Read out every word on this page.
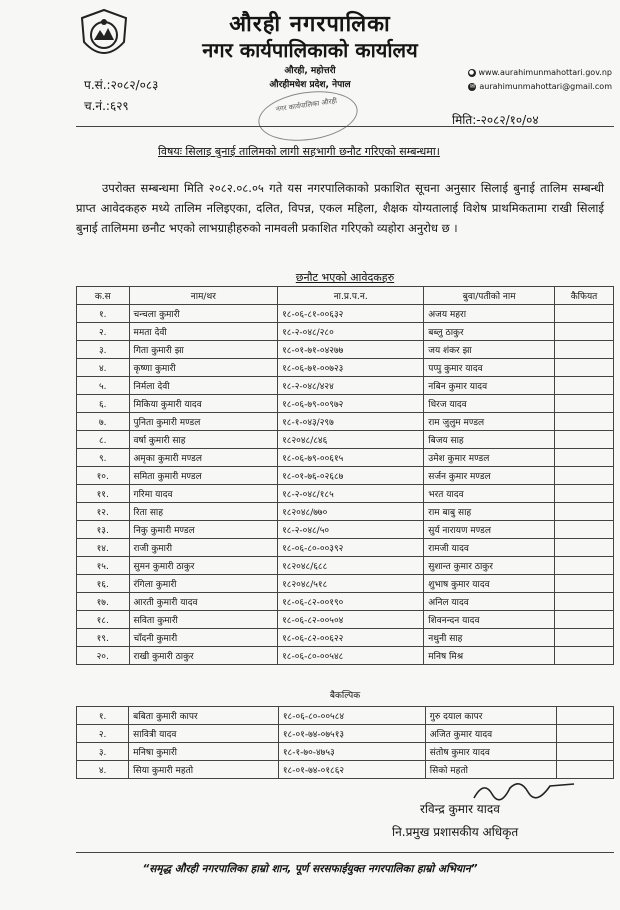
औरही नगरपालिका
नगर कार्यपालिकाको कार्यालय
औरही, महोत्तरी
औरहीमधेश प्रदेश, नेपाल
● www.aurahimunmahottari.gov.np
✉ aurahimunmahottari@gmail.com
प.सं.:२०८२/०८३
च.नं.:६२९	नगर कार्यपालिका औरही
मिति:-२०८२/१०/०४
विषयः सिलाइ बुनाई तालिमको लागी सहभागी छनौट गरिएको सम्बन्धमा।
उपरोक्त सम्बन्धमा मिति २०८२.०८.०५ गते यस नगरपालिकाको प्रकाशित सूचना अनुसार सिलाई बुनाई तालिम सम्बन्धी प्राप्त आवेदकहरु मध्ये तालिम नलिइएका, दलित, विपन्न, एकल महिला, शैक्षक योग्यतालाई विशेष प्राथमिकतामा राखी सिलाई बुनाई तालिममा छनौट भएको लाभग्राहीहरुको नामवली प्रकाशित गरिएको व्यहोरा अनुरोध छ ।
छनौट भएको आवेदकहरु
क.स	नाम/थर	ना.प्र.प.न.	बुवा/पतीको नाम	कैफियत
१.	चन्चला कुमारी	१८-०६-८१-००६३२	अजय महरा	
२.	ममता देवी	१८-२-०४८/२८०	बब्लु ठाकुर	
३.	गिता कुमारी झा	१८-०१-७१-०४२७७	जय शंकर झा	
४.	कृष्णा कुमारी	१८-०६-७१-००७२३	पप्पु कुमार यादव	
५.	निर्मला देवी	१८-२-०४८/४२४	नबिन कुमार यादव	
६.	मिकिया कुमारी यादव	१८-०६-७९-००९७२	धिरज यादव	
७.	पुनिता कुमारी मण्डल	१८-१-०४३/२९७	राम जुलुम मण्डल	
८.	वर्षा कुमारी साह	१८२०४८/८४६	बिजय साह	
९.	अमृका कुमारी मण्डल	१८-०६-७९-००६१५	उमेश कुमार मण्डल	
१०.	समिता कुमारी मण्डल	१८-०१-७६-०२६८७	सर्जन कुमार मण्डल	
११.	गरिमा यादव	१८-२-०४८/१८५	भरत यादव	
१२.	रिता साह	१८२०४८/७७०	राम बाबु साह	
१३.	निकु कुमारी मण्डल	१८-२-०४८/५०	सुर्य नारायण मण्डल	
१४.	राजी कुमारी	१८-०६-८०-००३९२	रामजी यादव	
१५.	सुमन कुमारी ठाकुर	१८२०४८/६८८	सुशान्त कुमार ठाकुर	
१६.	रंगिला कुमारी	१८२०४८/५१८	शुभाष कुमार यादव	
१७.	आरती कुमारी यादव	१८-०६-८२-००१९०	अनिल यादव	
१८.	सविता कुमारी	१८-०६-८२-००५०४	शिवनन्दन यादव	
१९.	चाँदनी कुमारी	१८-०६-८२-००६२२	नथुनी साह	
२०.	राखी कुमारी ठाकुर	१८-०६-८०-००५४८	मनिष मिश्र	
बैकल्पिक
१.	बबिता कुमारी कापर	१८-०६-८०-००५८४	गुरु दयाल कापर	
२.	सावित्री यादव	१८-०१-७४-०७५१३	अजित कुमार यादव	
३.	मनिषा कुमारी	१८-१-७०-४७५३	संतोष कुमार यादव	
४.	सिया कुमारी महतो	१८-०१-७४-०१८६२	सिको महतो	
रविन्द्र कुमार यादव
नि.प्रमुख प्रशासकीय अधिकृत
“समृद्ध औरही नगरपालिका हाम्रो शान, पूर्ण सरसफाईयुक्त नगरपालिका हाम्रो अभियान”
